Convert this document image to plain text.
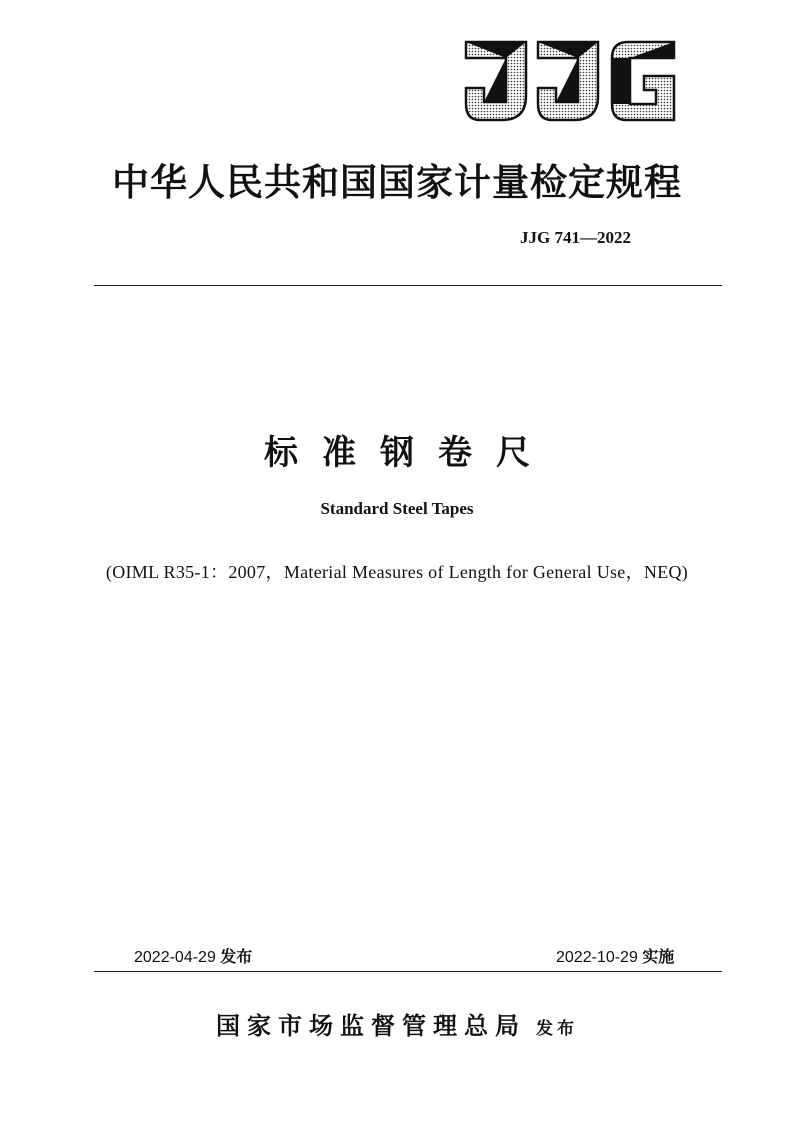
中华人民共和国国家计量检定规程
JJG 741—2022
标准钢卷尺
Standard Steel Tapes
(OIML R35-1：2007，Material Measures of Length for General Use，NEQ)
2022-04-29 发布	2022-10-29 实施
国家市场监督管理总局 发布
